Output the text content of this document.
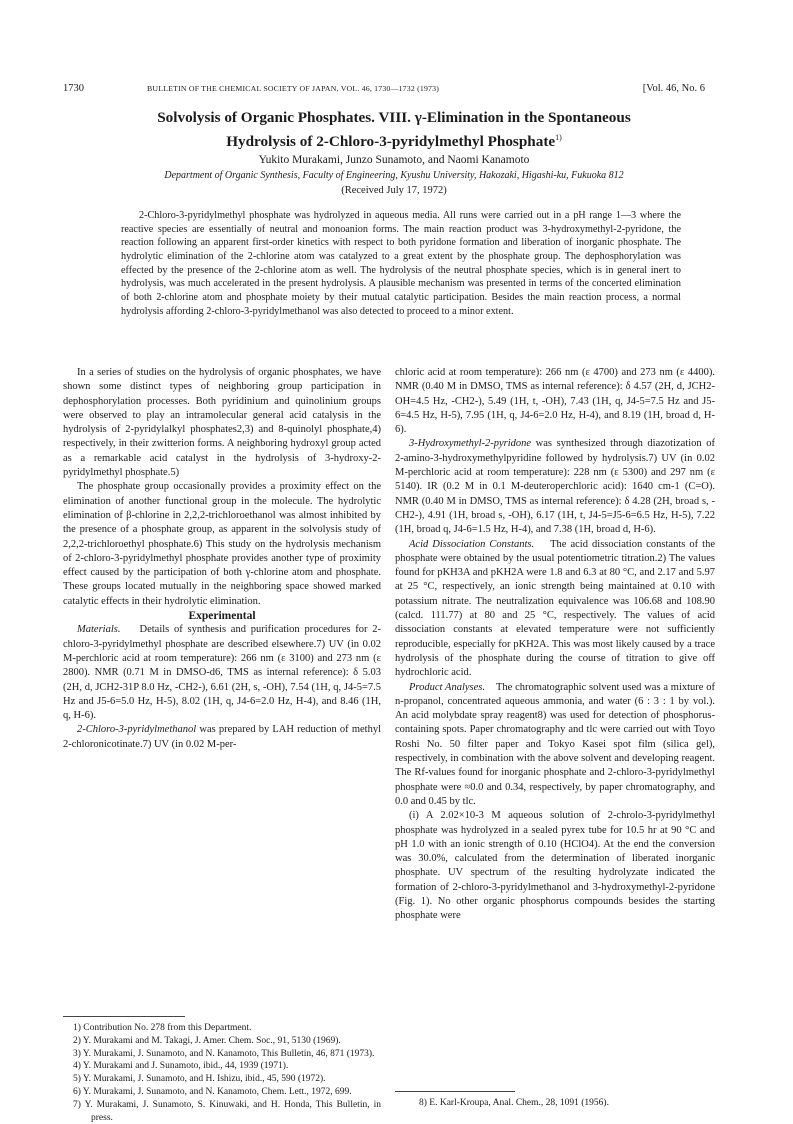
1730	BULLETIN OF THE CHEMICAL SOCIETY OF JAPAN, VOL. 46, 1730—1732 (1973)	[Vol. 46, No. 6
Solvolysis of Organic Phosphates. VIII. γ-Elimination in the Spontaneous
Hydrolysis of 2-Chloro-3-pyridylmethyl Phosphate$^{1)}$
Yukito Murakami, Junzo Sunamoto, and Naomi Kanamoto
Department of Organic Synthesis, Faculty of Engineering, Kyushu University, Hakozaki, Higashi-ku, Fukuoka 812
(Received July 17, 1972)
2-Chloro-3-pyridylmethyl phosphate was hydrolyzed in aqueous media. All runs were carried out in a pH range 1—3 where the reactive species are essentially of neutral and monoanion forms. The main reaction product was 3-hydroxymethyl-2-pyridone, the reaction following an apparent first-order kinetics with respect to both pyridone formation and liberation of inorganic phosphate. The hydrolytic elimination of the 2-chlorine atom was catalyzed to a great extent by the phosphate group. The dephosphorylation was effected by the presence of the 2-chlorine atom as well. The hydrolysis of the neutral phosphate species, which is in general inert to hydrolysis, was much accelerated in the present hydrolysis. A plausible mechanism was presented in terms of the concerted elimination of both 2-chlorine atom and phosphate moiety by their mutual catalytic participation. Besides the main reaction process, a normal hydrolysis affording 2-chloro-3-pyridylmethanol was also detected to proceed to a minor extent.

In a series of studies on the hydrolysis of organic phosphates, we have shown some distinct types of neighboring group participation in dephosphorylation processes. Both pyridinium and quinolinium groups were observed to play an intramolecular general acid catalysis in the hydrolysis of 2-pyridylalkyl phosphates2,3) and 8-quinolyl phosphate,4) respectively, in their zwitterion forms. A neighboring hydroxyl group acted as a remarkable acid catalyst in the hydrolysis of 3-hydroxy-2-pyridylmethyl phosphate.5)

The phosphate group occasionally provides a proximity effect on the elimination of another functional group in the molecule. The hydrolytic elimination of β-chlorine in 2,2,2-trichloroethanol was almost inhibited by the presence of a phosphate group, as apparent in the solvolysis study of 2,2,2-trichloroethyl phosphate.6) This study on the hydrolysis mechanism of 2-chloro-3-pyridylmethyl phosphate provides another type of proximity effect caused by the participation of both γ-chlorine atom and phosphate. These groups located mutually in the neighboring space showed marked catalytic effects in their hydrolytic elimination.

Experimental

Materials. Details of synthesis and purification procedures for 2-chloro-3-pyridylmethyl phosphate are described elsewhere.7) UV (in 0.02 M-perchloric acid at room temperature): 266 nm (ε 3100) and 273 nm (ε 2800). NMR (0.71 M in DMSO-d6, TMS as internal reference): δ 5.03 (2H, d, JCH2-31P 8.0 Hz, -CH2-), 6.61 (2H, s, -OH), 7.54 (1H, q, J4-5=7.5 Hz and J5-6=5.0 Hz, H-5), 8.02 (1H, q, J4-6=2.0 Hz, H-4), and 8.46 (1H, q, H-6).

2-Chloro-3-pyridylmethanol was prepared by LAH reduction of methyl 2-chloronicotinate.7) UV (in 0.02 M-per-

chloric acid at room temperature): 266 nm (ε 4700) and 273 nm (ε 4400). NMR (0.40 M in DMSO, TMS as internal reference): δ 4.57 (2H, d, JCH2-OH=4.5 Hz, -CH2-), 5.49 (1H, t, -OH), 7.43 (1H, q, J4-5=7.5 Hz and J5-6=4.5 Hz, H-5), 7.95 (1H, q, J4-6=2.0 Hz, H-4), and 8.19 (1H, broad d, H-6).

3-Hydroxymethyl-2-pyridone was synthesized through diazotization of 2-amino-3-hydroxymethylpyridine followed by hydrolysis.7) UV (in 0.02 M-perchloric acid at room temperature): 228 nm (ε 5300) and 297 nm (ε 5140). IR (0.2 M in 0.1 M-deuteroperchloric acid): 1640 cm-1 (C=O). NMR (0.40 M in DMSO, TMS as internal reference): δ 4.28 (2H, broad s, -CH2-), 4.91 (1H, broad s, -OH), 6.17 (1H, t, J4-5=J5-6=6.5 Hz, H-5), 7.22 (1H, broad q, J4-6=1.5 Hz, H-4), and 7.38 (1H, broad d, H-6).

Acid Dissociation Constants. The acid dissociation constants of the phosphate were obtained by the usual potentiometric titration.2) The values found for pKH3A and pKH2A were 1.8 and 6.3 at 80 °C, and 2.17 and 5.97 at 25 °C, respectively, an ionic strength being maintained at 0.10 with potassium nitrate. The neutralization equivalence was 106.68 and 108.90 (calcd. 111.77) at 80 and 25 °C, respectively. The values of acid dissociation constants at elevated temperature were not sufficiently reproducible, especially for pKH2A. This was most likely caused by a trace hydrolysis of the phosphate during the course of titration to give off hydrochloric acid.

Product Analyses. The chromatographic solvent used was a mixture of n-propanol, concentrated aqueous ammonia, and water (6 : 3 : 1 by vol.). An acid molybdate spray reagent8) was used for detection of phosphorus-containing spots. Paper chromatography and tlc were carried out with Toyo Roshi No. 50 filter paper and Tokyo Kasei spot film (silica gel), respectively, in combination with the above solvent and developing reagent. The Rf-values found for inorganic phosphate and 2-chloro-3-pyridylmethyl phosphate were ≈0.0 and 0.34, respectively, by paper chromatography, and 0.0 and 0.45 by tlc.

(i) A 2.02×10-3 M aqueous solution of 2-chrolo-3-pyridylmethyl phosphate was hydrolyzed in a sealed pyrex tube for 10.5 hr at 90 °C and pH 1.0 with an ionic strength of 0.10 (HClO4). At the end the conversion was 30.0%, calculated from the determination of liberated inorganic phosphate. UV spectrum of the resulting hydrolyzate indicated the formation of 2-chloro-3-pyridylmethanol and 3-hydroxymethyl-2-pyridone (Fig. 1). No other organic phosphorus compounds besides the starting phosphate were

1) Contribution No. 278 from this Department.

2) Y. Murakami and M. Takagi, J. Amer. Chem. Soc., 91, 5130 (1969).

3) Y. Murakami, J. Sunamoto, and N. Kanamoto, This Bulletin, 46, 871 (1973).

4) Y. Murakami and J. Sunamoto, ibid., 44, 1939 (1971).

5) Y. Murakami, J. Sunamoto, and H. Ishizu, ibid., 45, 590 (1972).

6) Y. Murakami, J. Sunamoto, and N. Kanamoto, Chem. Lett., 1972, 699.

7) Y. Murakami, J. Sunamoto, S. Kinuwaki, and H. Honda, This Bulletin, in press.

8) E. Karl-Kroupa, Anal. Chem., 28, 1091 (1956).
